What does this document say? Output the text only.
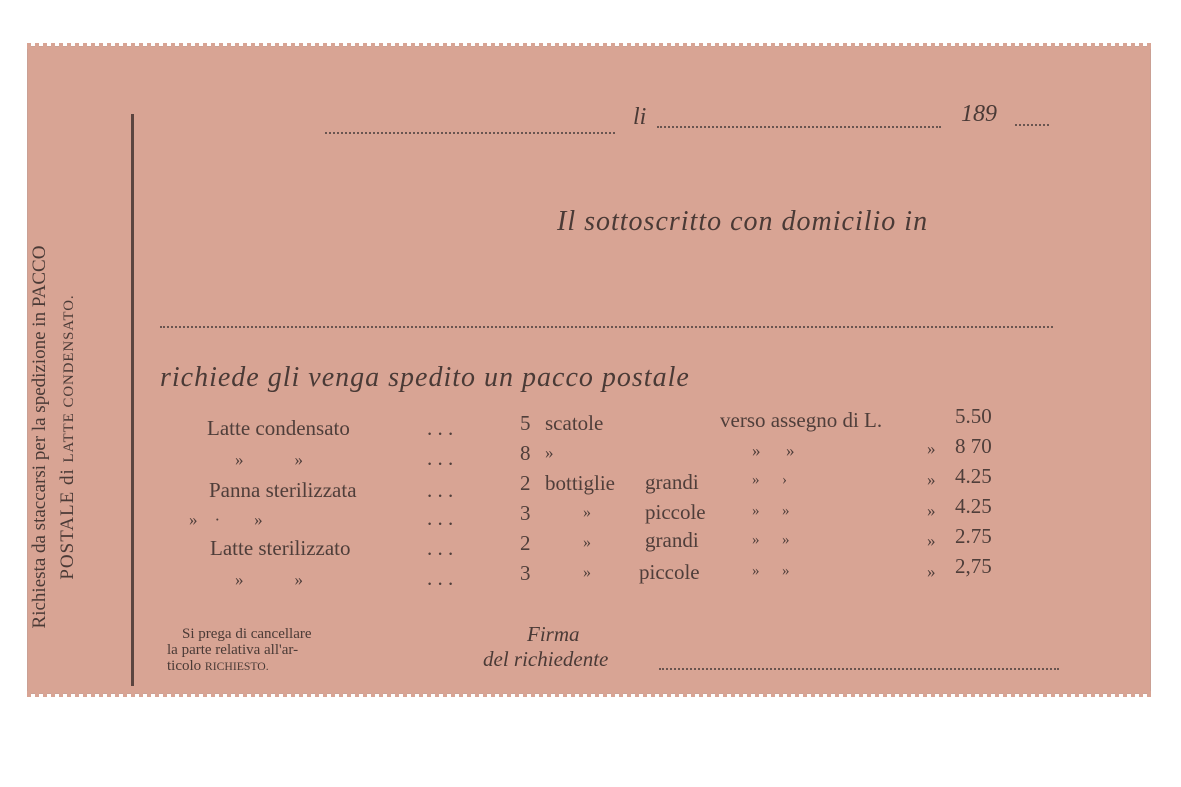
Richiesta da staccarsi per la spedizione in PACCO POSTALE di LATTE CONDENSATO.
li	189
Il sottoscritto con domicilio in
richiede gli venga spedito un pacco postale
Latte condensato	. . .	5 scatole	verso assegno di L.	5.50
»            »	. . .	8 »	»      »	» 8 70
Panna sterilizzata	. . .	2 bottiglie grandi	»      ›	» 4.25
»    ·        »	. . .	3	»	piccole	»      »	» 4.25
Latte sterilizzato	. . .	2	»	grandi	»      »	» 2.75
»            »	. . .	3	» piccole	»      »	» 2,75
Si prega di cancellare
la parte relativa all'ar-
ticolo RICHIESTO.
Firma
del richiedente
